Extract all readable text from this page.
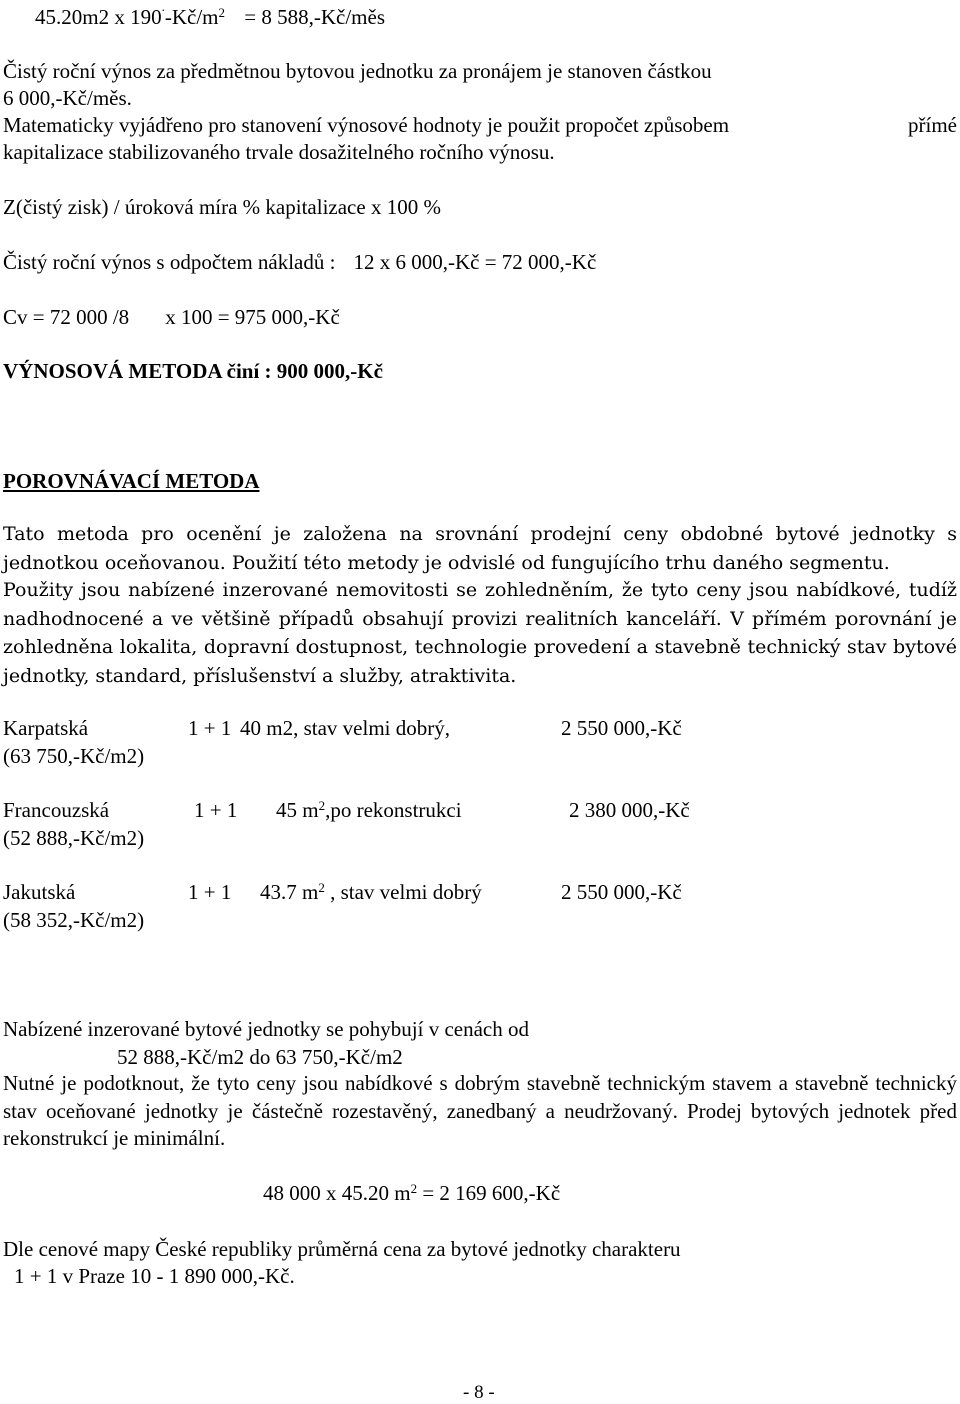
45.20m2 x $190^.-Kč/m^2 = 8$ 588,-Kč/měs
Čistý roční výnos za předmětnou bytovou jednotku za pronájem je stanoven částkou
6 000,-Kč/měs.
Matematicky vyjádřeno pro stanovení výnosové hodnoty je použit propočet způsobem	přímé
kapitalizace stabilizovaného trvale dosažitelného ročního výnosu.
Z(čistý zisk) / úroková míra % kapitalizace x 100 %
Čistý roční výnos s odpočtem nákladů : 12 x 6 000,-Kč = 72 000,-Kč
Cv = 72 000 /8 x 100 = 975 000,-Kč
VÝNOSOVÁ METODA činí : 900 000,-Kč
POROVNÁVACÍ METODA
Tato metoda pro ocenění je založena na srovnání prodejní ceny obdobné bytové jednotky s jednotkou oceňovanou. Použití této metody je odvislé od fungujícího trhu daného segmentu.
Použity jsou nabízené inzerované nemovitosti se zohledněním, že tyto ceny jsou nabídkové, tudíž nadhodnocené a ve většině případů obsahují provizi realitních kanceláří. V přímém porovnání je zohledněna lokalita, dopravní dostupnost, technologie provedení a stavebně technický stav bytové jednotky, standard, příslušenství a služby, atraktivita.
Karpatská	1 + 1 40 m2, stav velmi dobrý,	2 550 000,-Kč
(63 750,-Kč/m2)
Francouzská	1 + 1 45 $m^2,po$ rekonstrukci	2 380 000,-Kč
(52 888,-Kč/m2)
Jakutská	1 + 1 43.7 $m^2$ , stav velmi dobrý	2 550 000,-Kč
(58 352,-Kč/m2)
Nabízené inzerované bytové jednotky se pohybují v cenách od
52 888,-Kč/m2 do 63 750,-Kč/m2
Nutné je podotknout, že tyto ceny jsou nabídkové s dobrým stavebně technickým stavem a stavebně technický stav oceňované jednotky je částečně rozestavěný, zanedbaný a neudržovaný. Prodej bytových jednotek před rekonstrukcí je minimální.
48 000 x 45.20 $m^2 = 2$ 169 600,-Kč
Dle cenové mapy České republiky průměrná cena za bytové jednotky charakteru
1 + 1 v Praze 10 - 1 890 000,-Kč.
- 8 -
